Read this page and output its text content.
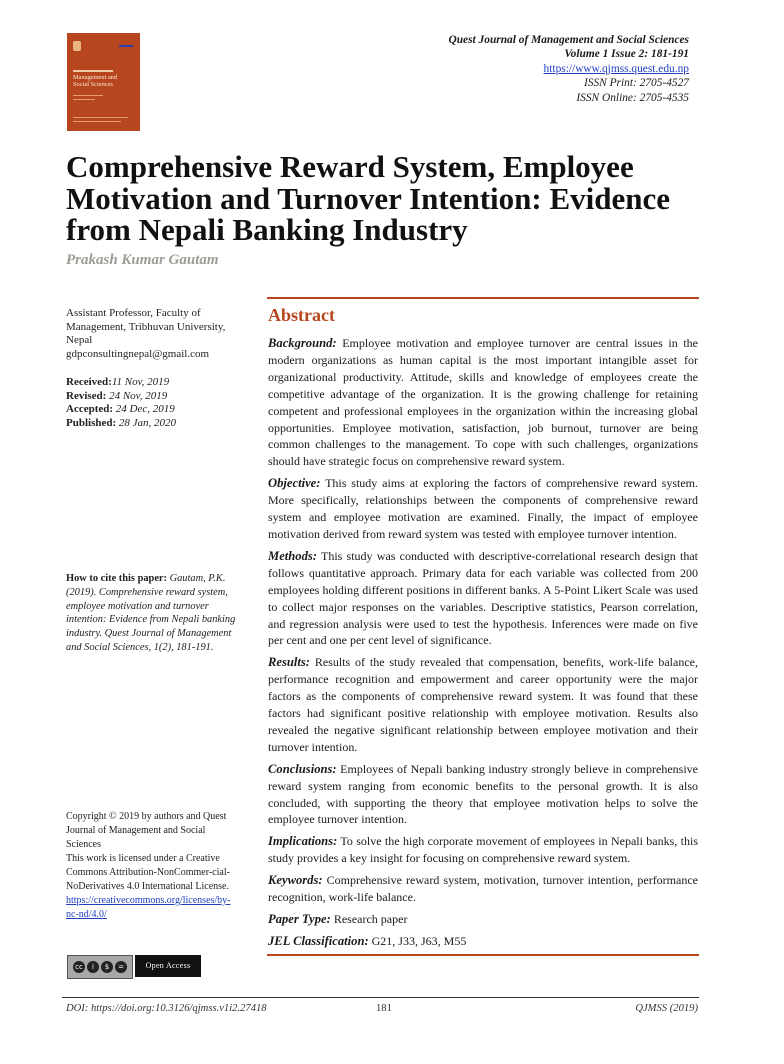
Management and
Social Sciences
Quest Journal of Management and Social Sciences
Volume 1 Issue 2: 181-191
https://www.qjmss.quest.edu.np
ISSN Print: 2705-4527
ISSN Online: 2705-4535
Comprehensive Reward System, Employee Motivation and Turnover Intention: Evidence from Nepali Banking Industry
Prakash Kumar Gautam
Assistant Professor, Faculty of Management, Tribhuvan University, Nepal
gdpconsultingnepal@gmail.com
Received:11 Nov, 2019
Revised: 24 Nov, 2019
Accepted: 24 Dec, 2019
Published: 28 Jan, 2020
How to cite this paper: Gautam, P.K. (2019). Comprehensive reward system, employee motivation and turnover intention: Evidence from Nepali banking industry. Quest Journal of Management and Social Sciences, 1(2), 181-191.
Copyright © 2019 by authors and Quest Journal of Management and Social Sciences
This work is licensed under a Creative Commons Attribution-NonCommer-cial-NoDerivatives 4.0 International License.
https://creativecommons.org/licenses/by-nc-nd/4.0/
cc	i	$	=	Open Access
Abstract

Background: Employee motivation and employee turnover are central issues in the modern organizations as human capital is the most important intangible asset for organizational productivity. Attitude, skills and knowledge of employees create the competitive advantage of the organization. It is the growing challenge for retaining competent and professional employees in the organization within the increasing global opportunities. Employee motivation, satisfaction, job burnout, turnover are being common challenges to the management. To cope with such challenges, organizations should have strategic focus on comprehensive reward system.

Objective: This study aims at exploring the factors of comprehensive reward system. More specifically, relationships between the components of comprehensive reward system and employee motivation are examined. Finally, the impact of employee motivation derived from reward system was tested with employee turnover intention.

Methods: This study was conducted with descriptive-correlational research design that follows quantitative approach. Primary data for each variable was collected from 200 employees holding different positions in different banks. A 5-Point Likert Scale was used to collect major responses on the variables. Descriptive statistics, Pearson correlation, and regression analysis were used to test the hypothesis. Inferences were made on five per cent and one per cent level of significance.

Results: Results of the study revealed that compensation, benefits, work-life balance, performance recognition and empowerment and career opportunity were the major factors as the components of comprehensive reward system. It was found that these factors had significant positive relationship with employee motivation. Results also revealed the negative significant relationship between employee motivation and their turnover intention.

Conclusions: Employees of Nepali banking industry strongly believe in comprehensive reward system ranging from economic benefits to the personal growth. It is also concluded, with supporting the theory that employee motivation helps to solve the employee turnover intention.

Implications: To solve the high corporate movement of employees in Nepali banks, this study provides a key insight for focusing on comprehensive reward system.

Keywords: Comprehensive reward system, motivation, turnover intention, performance recognition, work-life balance.

Paper Type: Research paper

JEL Classification: G21, J33, J63, M55

DOI: https://doi.org:10.3126/qjmss.v1i2.27418	181	QJMSS (2019)
